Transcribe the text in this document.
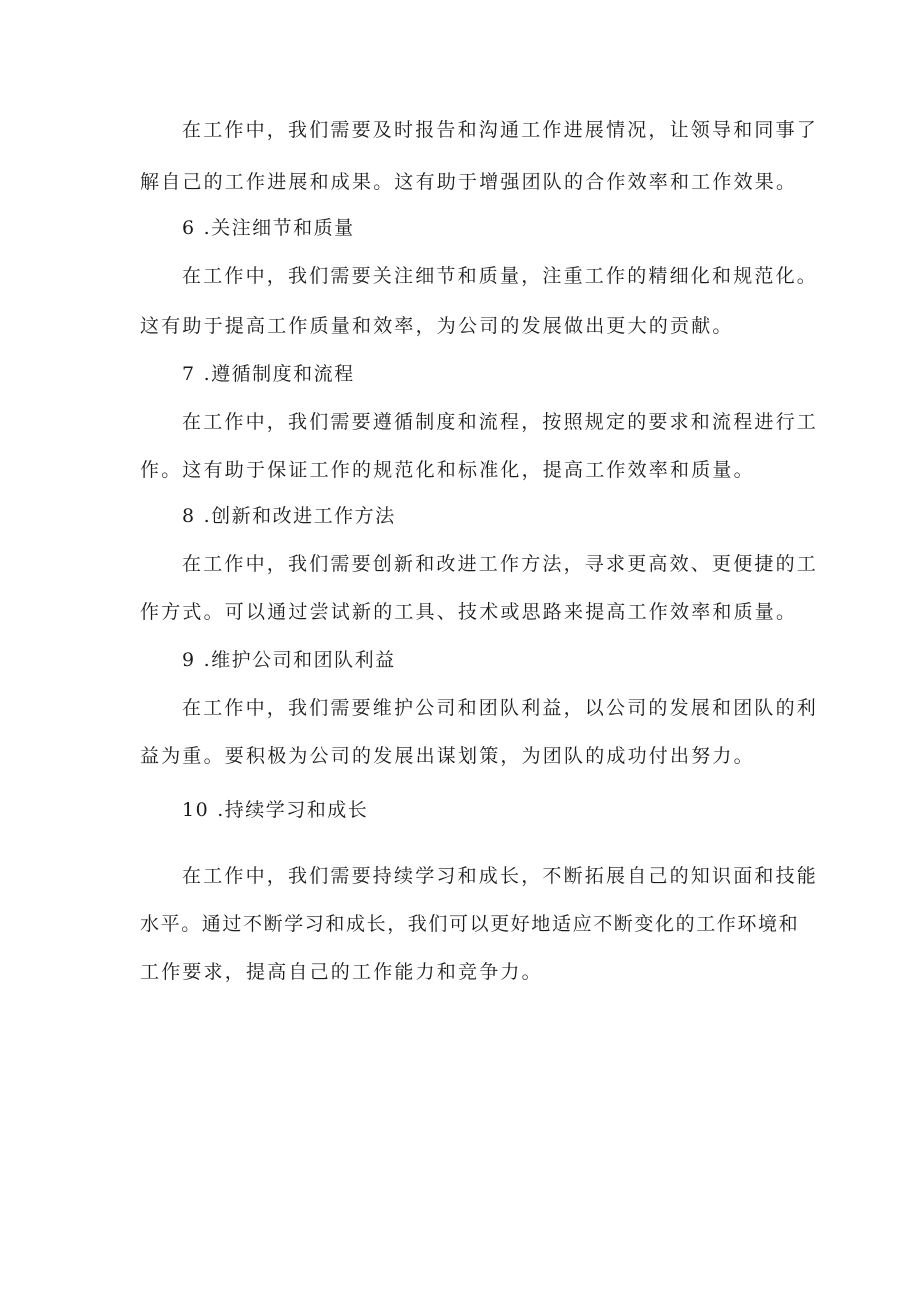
在工作中，我们需要及时报告和沟通工作进展情况，让领导和同事了
解自己的工作进展和成果。这有助于增强团队的合作效率和工作效果。
6 .关注细节和质量
在工作中，我们需要关注细节和质量，注重工作的精细化和规范化。
这有助于提高工作质量和效率，为公司的发展做出更大的贡献。
7 .遵循制度和流程
在工作中，我们需要遵循制度和流程，按照规定的要求和流程进行工
作。这有助于保证工作的规范化和标准化，提高工作效率和质量。
8 .创新和改进工作方法
在工作中，我们需要创新和改进工作方法，寻求更高效、更便捷的工
作方式。可以通过尝试新的工具、技术或思路来提高工作效率和质量。
9 .维护公司和团队利益
在工作中，我们需要维护公司和团队利益，以公司的发展和团队的利
益为重。要积极为公司的发展出谋划策，为团队的成功付出努力。
10 .持续学习和成长
在工作中，我们需要持续学习和成长，不断拓展自己的知识面和技能
水平。通过不断学习和成长，我们可以更好地适应不断变化的工作环境和
工作要求，提高自己的工作能力和竞争力。
